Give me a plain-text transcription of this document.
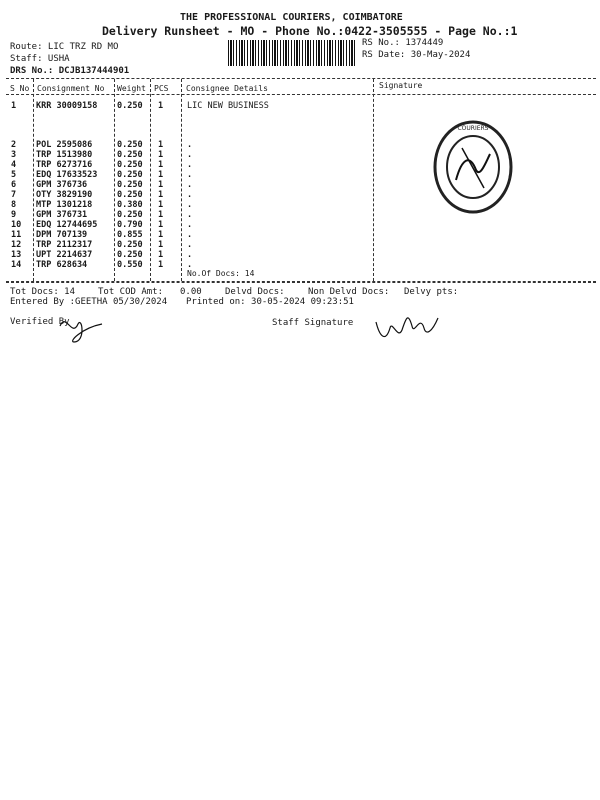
THE PROFESSIONAL COURIERS, COIMBATORE
Delivery Runsheet - MO - Phone No.:0422-3505555 - Page No.:1
Route: LIC TRZ RD MO
Staff: USHA
DRS No.: DCJB137444901
RS No.: 1374449
RS Date: 30-May-2024
S No Consignment No Weight PCS Consignee Details	Signature
1 KRR 30009158 0.250 1	LIC NEW BUSINESS
2 POL 2595086	0.250 1	.
3 TRP 1513980	0.250 1	.
4 TRP 6273716	0.250 1	.
5 EDQ 17633523 0.250 1	.
6 GPM 376736	0.250 1	.
7 OTY 3829190	0.250 1	.
8 MTP 1301218	0.380 1	.
9 GPM 376731	0.250 1	.
10 EDQ 12744695 0.790 1	.
11 DPM 707139	0.855 1	.
12 TRP 2112317	0.250 1	.
13 UPT 2214637	0.250 1	.
14 TRP 628634	0.550 1	.
No.Of Docs: 14
COURIERS
Tot Docs: 14	Tot COD Amt: 0.00	Delvd Docs:	Non Delvd Docs: Delvy pts:
Entered By :GEETHA 05/30/2024 Printed on: 30-05-2024 09:23:51
Verified By	Staff Signature
